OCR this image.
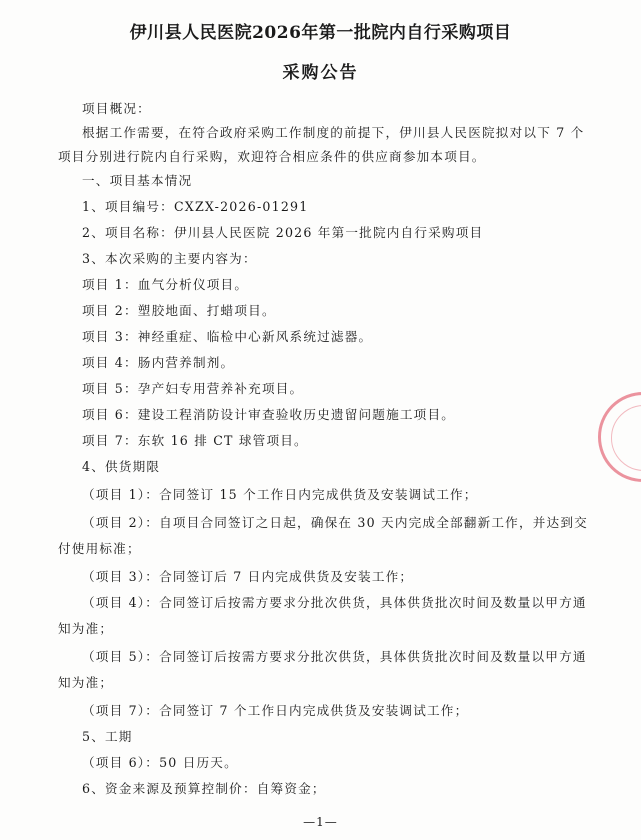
伊川县人民医院2026年第一批院内自行采购项目
采购公告
项目概况：
根据工作需要，在符合政府采购工作制度的前提下，伊川县人民医院拟对以下 7 个
项目分别进行院内自行采购，欢迎符合相应条件的供应商参加本项目。
一、项目基本情况
1、项目编号：CXZX-2026-01291
2、项目名称：伊川县人民医院 2026 年第一批院内自行采购项目
3、本次采购的主要内容为：
项目 1：血气分析仪项目。
项目 2：塑胶地面、打蜡项目。
项目 3：神经重症、临检中心新风系统过滤器。
项目 4：肠内营养制剂。
项目 5：孕产妇专用营养补充项目。
项目 6：建设工程消防设计审查验收历史遗留问题施工项目。
项目 7：东软 16 排 CT 球管项目。
4、供货期限
（项目 1）：合同签订 15 个工作日内完成供货及安装调试工作；
（项目 2）：自项目合同签订之日起，确保在 30 天内完成全部翻新工作，并达到交
付使用标准；
（项目 3）：合同签订后 7 日内完成供货及安装工作；
（项目 4）：合同签订后按需方要求分批次供货，具体供货批次时间及数量以甲方通
知为准；
（项目 5）：合同签订后按需方要求分批次供货，具体供货批次时间及数量以甲方通
知为准；
（项目 7）：合同签订 7 个工作日内完成供货及安装调试工作；
5、工期
（项目 6）：50 日历天。
6、资金来源及预算控制价：自筹资金；
—1—
